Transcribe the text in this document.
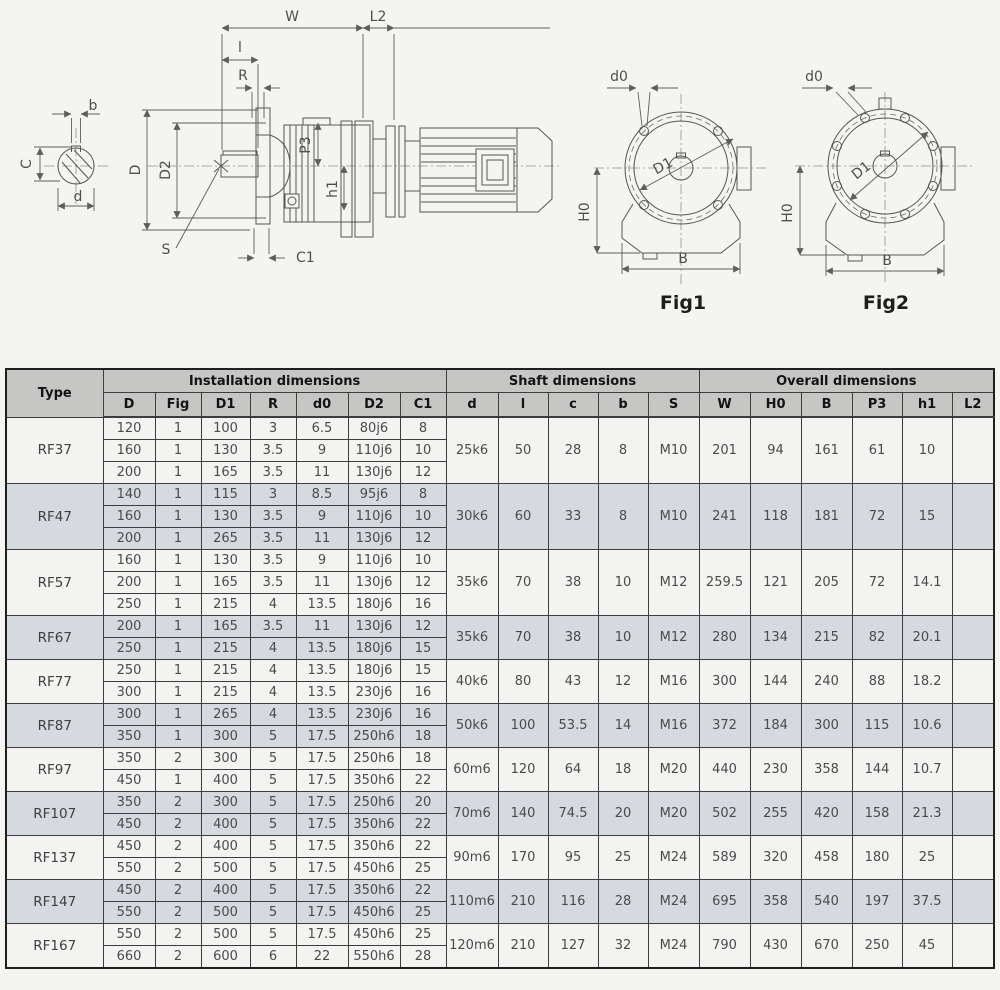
b
C
d
W	L2
l
R
C1
D D2
P3
h1
S
D1
H0
B
d0
Fig1
D1
H0
B
d0
Fig2
Type	Installation dimensions							Shaft dimensions					Overall dimensions					
	D	Fig	D1	R	d0	D2	C1	d	l	c	b	S	W	H0	B	P3	h1	L2
RF37	120	1	100	3	6.5	80j6	8	25k6	50	28	8	M10	201	94	161	61	10	
	160	1	130	3.5	9	110j6	10											
	200	1	165	3.5	11	130j6	12											
RF47	140	1	115	3	8.5	95j6	8	30k6	60	33	8	M10	241	118	181	72	15	
	160	1	130	3.5	9	110j6	10											
	200	1	265	3.5	11	130j6	12											
RF57	160	1	130	3.5	9	110j6	10	35k6	70	38	10	M12	259.5	121	205	72	14.1	
	200	1	165	3.5	11	130j6	12											
	250	1	215	4	13.5	180j6	16											
RF67	200	1	165	3.5	11	130j6	12	35k6	70	38	10	M12	280	134	215	82	20.1	
	250	1	215	4	13.5	180j6	15											
RF77	250	1	215	4	13.5	180j6	15	40k6	80	43	12	M16	300	144	240	88	18.2	
	300	1	215	4	13.5	230j6	16											
RF87	300	1	265	4	13.5	230j6	16	50k6	100	53.5	14	M16	372	184	300	115	10.6	
	350	1	300	5	17.5	250h6	18											
RF97	350	2	300	5	17.5	250h6	18	60m6	120	64	18	M20	440	230	358	144	10.7	
	450	1	400	5	17.5	350h6	22											
RF107	350	2	300	5	17.5	250h6	20	70m6	140	74.5	20	M20	502	255	420	158	21.3	
	450	2	400	5	17.5	350h6	22											
RF137	450	2	400	5	17.5	350h6	22	90m6	170	95	25	M24	589	320	458	180	25	
	550	2	500	5	17.5	450h6	25											
RF147	450	2	400	5	17.5	350h6	22	110m6	210	116	28	M24	695	358	540	197	37.5	
	550	2	500	5	17.5	450h6	25											
RF167	550	2	500	5	17.5	450h6	25	120m6	210	127	32	M24	790	430	670	250	45	
	660	2	600	6	22	550h6	28											
